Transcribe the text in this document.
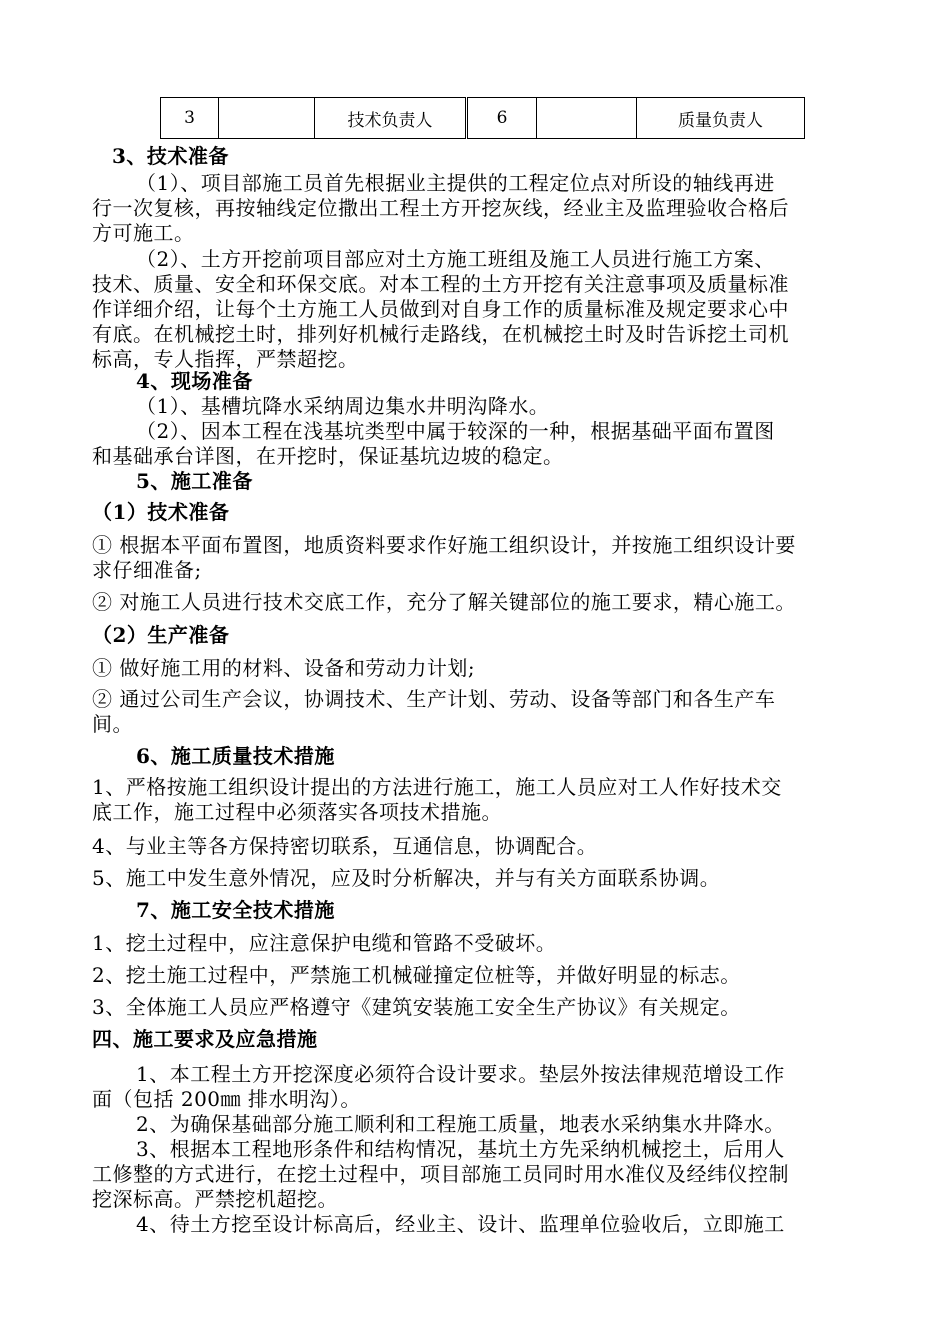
3		技术负责人	6		质量负责人
3、技术准备
（1）、项目部施工员首先根据业主提供的工程定位点对所设的轴线再进
行一次复核，再按轴线定位撒出工程土方开挖灰线，经业主及监理验收合格后
方可施工。
（2）、土方开挖前项目部应对土方施工班组及施工人员进行施工方案、
技术、质量、安全和环保交底。对本工程的土方开挖有关注意事项及质量标准
作详细介绍，让每个土方施工人员做到对自身工作的质量标准及规定要求心中
有底。在机械挖土时，排列好机械行走路线，在机械挖土时及时告诉挖土司机
标高，专人指挥，严禁超挖。
4、现场准备
（1）、基槽坑降水采纳周边集水井明沟降水。
（2）、因本工程在浅基坑类型中属于较深的一种，根据基础平面布置图
和基础承台详图，在开挖时，保证基坑边坡的稳定。
5、施工准备
（1）技术准备
① 根据本平面布置图，地质资料要求作好施工组织设计，并按施工组织设计要
求仔细准备;
② 对施工人员进行技术交底工作，充分了解关键部位的施工要求，精心施工。
（2）生产准备
① 做好施工用的材料、设备和劳动力计划;
② 通过公司生产会议，协调技术、生产计划、劳动、设备等部门和各生产车
间。
6、施工质量技术措施
1、严格按施工组织设计提出的方法进行施工，施工人员应对工人作好技术交
底工作，施工过程中必须落实各项技术措施。
4、与业主等各方保持密切联系，互通信息，协调配合。
5、施工中发生意外情况，应及时分析解决，并与有关方面联系协调。
7、施工安全技术措施
1、挖土过程中，应注意保护电缆和管路不受破坏。
2、挖土施工过程中，严禁施工机械碰撞定位桩等，并做好明显的标志。
3、全体施工人员应严格遵守《建筑安装施工安全生产协议》有关规定。
四、施工要求及应急措施
1、本工程土方开挖深度必须符合设计要求。垫层外按法律规范增设工作
面（包括 200㎜ 排水明沟）。
2、为确保基础部分施工顺利和工程施工质量，地表水采纳集水井降水。
3、根据本工程地形条件和结构情况，基坑土方先采纳机械挖土，后用人
工修整的方式进行，在挖土过程中，项目部施工员同时用水准仪及经纬仪控制
挖深标高。严禁挖机超挖。
4、待土方挖至设计标高后，经业主、设计、监理单位验收后，立即施工
